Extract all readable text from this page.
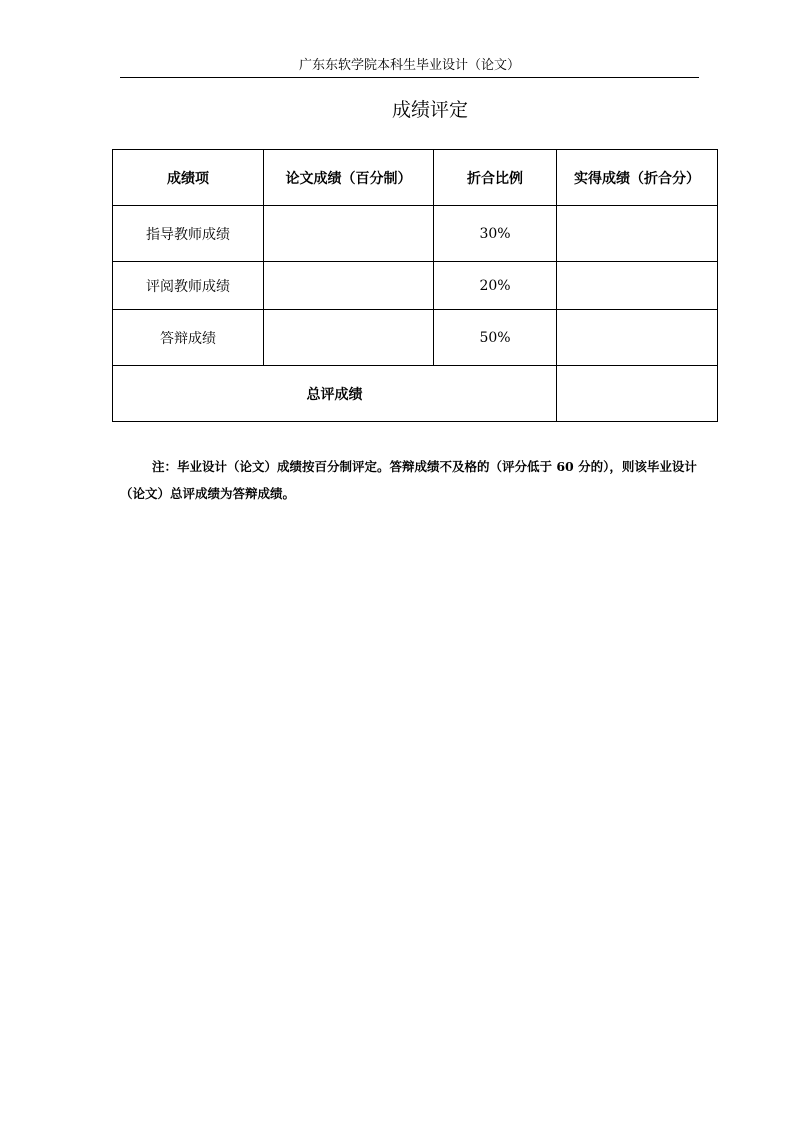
广东东软学院本科生毕业设计（论文）
成绩评定
成绩项	论文成绩（百分制）	折合比例	实得成绩（折合分）
指导教师成绩		30%	
评阅教师成绩		20%	
答辩成绩		50%	
总评成绩			

注：毕业设计（论文）成绩按百分制评定。答辩成绩不及格的（评分低于 60 分的），则该毕业设计（论文）总评成绩为答辩成绩。
